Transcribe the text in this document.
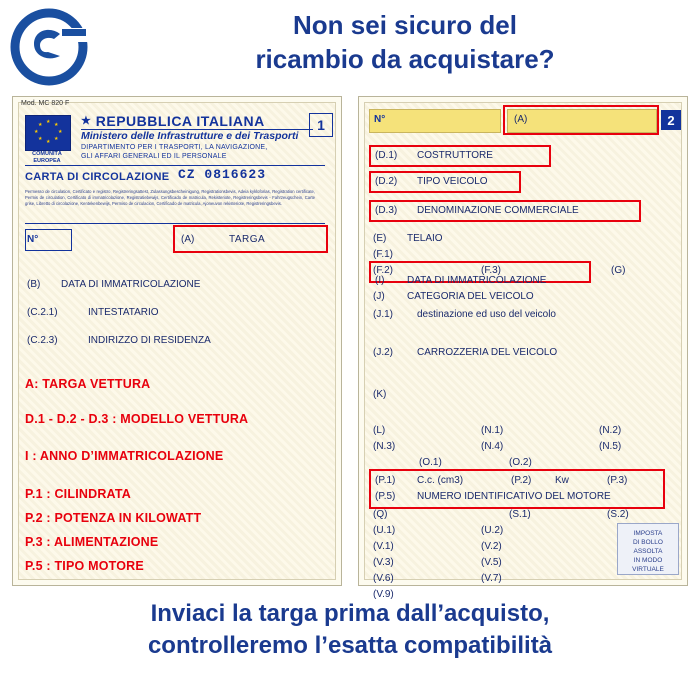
Non sei sicuro del
ricambio da acquistare?
Mod. MC 820 F
★ ★
★
★
★
★
★
★
COMUNITÀ EUROPEA
★ REPUBBLICA ITALIANA
Ministero delle Infrastrutture e dei Trasporti
DIPARTIMENTO PER I TRASPORTI, LA NAVIGAZIONE,
GLI AFFARI GENERALI ED IL PERSONALE
1
CARTA DI CIRCOLAZIONE CZ 0816623
Permesso de circulation, Certificato e registro, Registreringsattest, Zulassungsbescheinigung, Registrationsbevis, Adeia kykloforias, Registration certificate, Permis de circulation, Certificato di immatricolazione, Registratiebewijs, Certificado de matricula, Rekisteriote, Registreringsbevis - Fahrzeugschein, Carte grise, Libretto di circolazione, Kentekenbewijs, Permiso de circulacion, Certificado de matricula, Ajoneuvon rekisteriote, Registreringsbevis.
N°	(A)	TARGA
(B) DATA DI IMMATRICOLAZIONE
(C.2.1)	INTESTATARIO
(C.2.3)	INDIRIZZO DI RESIDENZA
A: TARGA VETTURA
D.1 - D.2 - D.3 : MODELLO VETTURA
I : ANNO D’IMMATRICOLAZIONE
P.1 : CILINDRATA
P.2 : POTENZA IN KILOWATT
P.3 : ALIMENTAZIONE
P.5 : TIPO MOTORE
N°	(A)	2
(D.1) COSTRUTTORE
(D.2) TIPO VEICOLO
(D.3) DENOMINAZIONE COMMERCIALE
(E) TELAIO
(F.1)
(F.2)	(F.3)	(G)
(I) DATA DI IMMATRICOLAZIONE
(J) CATEGORIA DEL VEICOLO
(J.1) destinazione ed uso del veicolo
(J.2) CARROZZERIA DEL VEICOLO
(K)
(L)	(N.1)	(N.2)
(N.3)	(N.4)	(N.5)
(O.1)	(O.2)
(P.1) C.c. (cm3)	(P.2) Kw	(P.3)
(P.5) NUMERO IDENTIFICATIVO DEL MOTORE
(Q)	(S.1)	(S.2)
(U.1)	(U.2)
(V.1)	(V.2)
(V.3)	(V.5)
(V.6)	(V.7)
(V.9)
IMPOSTA
DI BOLLO
ASSOLTA
IN MODO
VIRTUALE
Inviaci la targa prima dall’acquisto,
controlleremo l’esatta compatibilità
